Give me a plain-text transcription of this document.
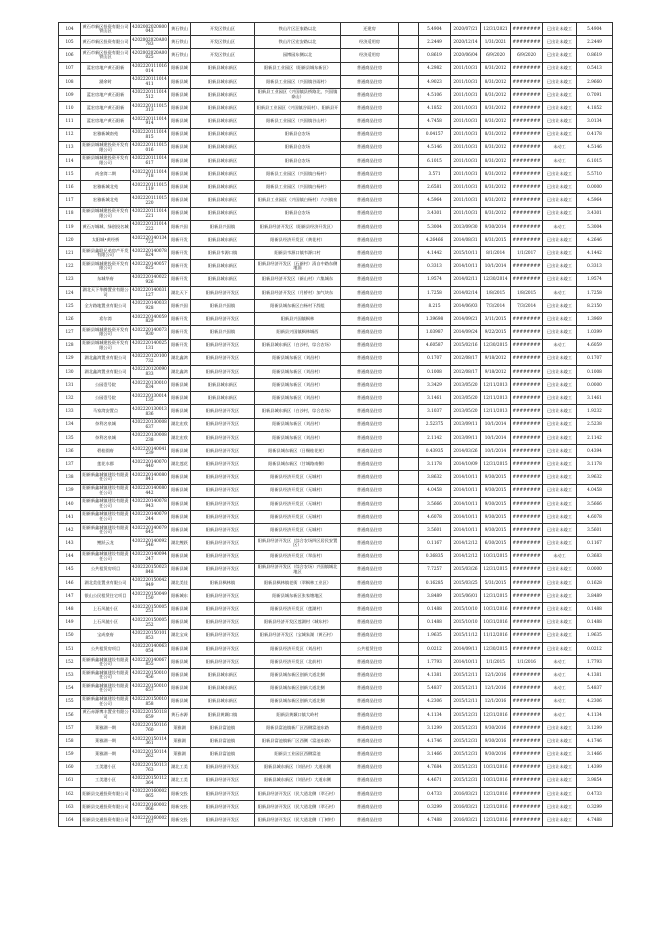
104	黄石市新区投资有限公司铁山区	4202002020800043	黄石铁山	开发区铁山区	铁山片区汪家路以北	还建房		5.4904	2020/07/21	12/31/2021	########	已出让未竣工	5.4904
105	黄石市新区投资有限公司	4202002020A00783	黄石铁山	开发区铁山区	铁山片区宏安路以北	经济适用房		2.2449	2020/12/14	1/31/2021	########	已出让未竣工	2.2449
106	黄石市新区投资有限公司铁山区	4202002020A00025	黄石铁山	开发区铁山区	园博园东侧以北	经济适用房		0.8619	2020/06/04	6/9/2020	6/9/2020	已出让未竣工	0.8619
107	蓝宏房地产黄石阳新	4202220111016014	阳新县城	阳新县城东新区	阳新县工业园区（阳新县城东新区）	普通商品住房		4.2982	2011/10/31	8/31/2012	########	已出让未竣工	0.5413
108	涵余时	4202220111014411	阳新县城	阳新县城东新区	阳新县工业园区（兴国镇谷雨村）	普通商品住房		4.9023	2011/10/31	8/31/2012	########	已出让未竣工	2.9660
109	蓝宏房地产黄石阳新	4202220111014512	阳新县城	阳新县城东新区	阳新县工业园区（兴国镇县桥路北，兴国镇泰山）	普通商品住房		4.5106	2011/10/31	8/31/2012	########	已出让未竣工	0.7091
110	蓝宏房地产黄石阳新	4202220111015313	阳新县城	阳新县城东新区	阳新县工业园区（兴国镇谷雨村）、阳新县开	普通商品住房		4.1852	2011/10/31	8/31/2012	########	已出让未竣工	4.1852
111	蓝宏房地产黄石阳新	4202220111014914	阳新县城	阳新县城东新区	阳新县工业园区（兴国镇谷山村）	普通商品住房		4.7458	2011/10/31	8/31/2012	########	已出让未竣工	3.0134
112	宏雅新城南苑	4202220111014815	阳新县城	阳新县城东新区	阳新县仓农场	普通商品住房		0.04157	2011/10/31	8/31/2012	########	已出让未竣工	0.4178
113	阳新县城城建投资开发有限公司	4202220111015016	阳新县城	阳新县城东新区	阳新县仓农场	普通商品住房		4.5146	2011/10/31	8/31/2012	########	未动工	4.5146
114	阳新县城城建投资开发有限公司	4202220111014617	阳新县城	阳新县城东新区	阳新县仓农场	普通商品住房		6.1015	2011/10/31	8/31/2012	########	未动工	6.1015
115	尚金湾二期	4202220111014718	阳新县城	阳新县城东新区	阳新县工业园区（兴国镇白杨村）	普通商品住房		3.571	2011/10/31	8/31/2012	########	已出让未竣工	5.5710
116	宏雅新城北苑	4202220111015119	阳新县城	阳新县城东新区	阳新县工业园区（兴国镇白杨村）	普通商品住房		2.6581	2011/10/31	8/31/2012	########	已出让未竣工	0.0000
117	宏雅新城北苑	4202220111015220	阳新县城	阳新县城东新区	阳新县工业园区（兴国镇白杨村）六兴镇泉	普通商品住房		4.5964	2011/10/31	8/31/2012	########	已出让未竣工	4.5964
118	阳新县城城建投资开发有限公司	4202220111014221	阳新县城	阳新县城东新区	阳新县仓农场	普通商品住房		3.4301	2011/10/31	8/31/2012	########	已出让未竣工	3.4301
119	黄石万城城、绿创投名城	4202220131014222	阳新兴国	阳新县兴国镇	阳新县经济开发区（阳新县经济开发区）	普通商品住房		5.3004	2013/09/30	9/30/2014	########	未动工	5.3004
120	太阳城•黄经桥	4202220140134723	阳新开发	阳新县城东新区	阳新县经济开发区（黄花村）	普通商品住房		4.26466	2014/08/31	8/31/2015	########	已出让未竣工	4.2646
121	阳新县鑫联兄弟房产开发有限公司	4202220140078624	阳新开发	阳新县韦源口镇	阳新县韦源口镇韦源口村	普通商品住房		4.1442	2015/10/11	8/1/2014	1/1/2017	已出让未竣工	4.1442
122	阳新县城城建投资开发有限公司	4202220140057625	阳新开发	阳新县城东新区	阳新县经济开发区（石新村）清自中路东侧地面	普通商品住房		0.3313	2014/10/11	10/1/2014	########	已出让未竣工	0.3313
123	东城华府	4202220140022926	阳新开发	阳新县城东新区	阳新县经济开发区（新山村）六集城东	普通商品住房		1.9574	2014/02/11	12/30/2014	########	已出让未竣工	1.9574
124	湖北天下华腾置业有限公司	4202220140031127	湖北天下	阳新县经济开发区	阳新县经济开发区（月桥村）加气块东	普通商品住房		1.7258	2014/02/14	1/8/2015	1/8/2015	未动工	1.7258
125	全方路地置业有限公司	4202220140033928	阳新兴国	阳新县兴国镇	阳新县城东新区白杨村下辞组	普通商品住房		8.215	2014/06/03	7/3/2014	7/3/2014	已出让未竣工	8.2150
126	希尔湾	4202220140059829	阳新开发	阳新县经济开发区	阳新县兴国镇枫林	普通商品住房		1.39698	2014/09/21	3/11/2015	########	已出让未竣工	1.3969
127	阳新县城城建投资开发有限公司	4202220140073930	阳新开发	阳新县兴国镇	阳新县兴国镇枫林城西	普通商品住房		1.03987	2014/09/24	9/22/2015	########	已出让未竣工	1.0399
128	阳新县城城建投资开发有限公司	4202220140025131	阳新开发	阳新县经济开发区	阳新县城东新区（白沙村，综合农场）	普通商品住房		4.60587	2015/02/16	12/30/2015	########	未动工	4.6059
129	湖北鑫鸿置业有限公司	4202220120100732	湖北鑫鸿	阳新县经济开发区	阳新县城东新区（刘昌村）	普通商品住房		0.1707	2012/08/17	9/18/2012	########	已出让未竣工	0.1707
130	湖北鑫鸿置业有限公司	4202220120090833	湖北鑫鸿	阳新县经济开发区	阳新县城东新区（刘昌村）	普通商品住房		0.1008	2012/08/17	9/18/2012	########	已出让未竣工	0.1008
131	公园壹号院	4202220130010634	阳新县城	阳新县城东新区	阳新县城东新区（刘昌村）	普通商品住房		3.3429	2013/05/20	12/11/2013	########	已出让未竣工	0.0000
132	公园壹号院	4202220130014135	阳新县城	阳新县城东新区	阳新县城东新区（刘昌村）	普通商品住房		3.1461	2013/05/20	12/11/2013	########	已出让未竣工	3.1461
133	马家湾安置点	4202220130013836	阳新县城	阳新县经济开发区	阳新县城东新区（白沙村，综合农场）	普通商品住房		3.1037	2013/05/20	12/11/2013	########	已出让未竣工	1.9232
134	奈利名泉城	4202220130008637	湖北宏欣	阳新县经济开发区	阳新县城东新区（刘昌村）	普通商品住房		2.52375	2013/09/11	10/1/2014	########	已出让未竣工	2.5238
135	奈利名泉城	4202220130008238	湖北宏欣	阳新县经济开发区	阳新县城东新区（刘昌村）	普通商品住房		2.1142	2013/09/11	10/1/2014	########	已出让未竣工	2.1142
136	碧桂園府	4202220140041239	阳新县城	阳新县经济开发区	阳新县城东新区（日赐桂花苑）	普通商品住房		0.43935	2014/03/26	10/1/2014	########	已出让未竣工	0.4394
137	莲花水郡	4202220140070440	湖北莲花	阳新县经济开发区	阳新县城东新区（甘城路南侧）	普通商品住房		3.1178	2014/10/09	12/31/2015	########	已出让未竣工	3.1178
138	阳新新鑫城镇建设有限责任公司	4202220140080841	阳新县城	阳新县经济开发区	阳新县经济开发区（无城村）	普通商品住房		3.8632	2014/10/11	9/30/2015	########	已出让未竣工	3.9632
139	阳新新鑫城镇建设有限责任公司	4202220140080442	阳新县城	阳新县经济开发区	阳新县经济开发区（无城村）	普通商品住房		4.0458	2014/10/11	9/30/2015	########	已出让未竣工	4.0458
140	阳新新鑫城镇建设有限责任公司	4202220140078943	阳新县城	阳新县经济开发区	阳新县经济开发区（无城村）	普通商品住房		3.5666	2014/10/11	9/30/2015	########	已出让未竣工	3.5666
141	阳新新鑫城镇建设有限责任公司	4202220140079244	阳新县城	阳新县经济开发区	阳新县经济开发区（无城村）	普通商品住房		4.6078	2014/10/11	9/30/2015	########	已出让未竣工	4.6078
142	阳新新鑫城镇建设有限责任公司	4202220140079645	阳新县城	阳新县经济开发区	阳新县经济开发区（无城村）	普通商品住房		3.5601	2014/10/11	9/30/2015	########	已出让未竣工	3.5601
143	鲤跃云龙	4202220140092546	湖北鲤跃	阳新县经济开发区	阳新县经济开发区（综合农场四区居民安置区）	普通商品住房		0.1167	2014/12/12	6/30/2015	########	已出让未竣工	0.1167
144	阳新新鑫城镇建设有限责任公司	4202220140094247	阳新县城	阳新县经济开发区	阳新县经济开发区（翠苗村）	普通商品住房		0.36835	2014/12/12	10/31/2015	########	未动工	0.3683
145	公共租赁房项目	4202220150023848	阳新县城	阳新县经济开发区	阳新县经济开发区（综合农场）兴国镇城北地区	普通商品住房		7.7257	2015/03/26	12/31/2015	########	已出让未竣工	0.0000
146	湖北美佳置业有限公司	4202220150042949	湖北美佳	阳新县枫林镇	阳新县枫林镇老街（翠枫林工业区）	普通商品住房		0.16285	2015/03/25	5/31/2015	########	已出让未竣工	0.1628
147	银山公民租赁住宅项目	4202220150049150	阳新城东	阳新县经济开发区	阳新县城东新区张家塘地区	普通商品住房		3.8489	2015/06/01	12/31/2015	########	已出让未竣工	3.8489
148	上石风驰小区	4202220150005251	阳新县城	阳新县经济开发区	阳新县经济开发区（莲湖村）	普通商品住房		0.1488	2015/10/10	10/31/2016	########	已出让未竣工	0.1488
149	上石风驰小区	4202220150005252	阳新县城	阳新县经济开发区	阳新县经济开发区莲湖村（城东村）	普通商品住房		0.1488	2015/10/10	10/31/2016	########	已出让未竣工	0.1488
150	宝成豪府	4202220150101853	湖北宝成	阳新县经济开发区	阳新县经济开发区（宝城朱湖（黄石村）	普通商品住房		1.9635	2015/11/12	11/12/2016	########	已出让未竣工	1.9635
151	公共租赁房项目	4202220140063054	阳新县城	阳新县经济开发区	阳新县经济开发区（刘昌村）	公共租赁住房		0.0212	2014/09/11	12/30/2015	########	已出让未竣工	0.0212
152	阳新新鑫城镇建设有限责任公司	4202220140067855	阳新县城	阳新县经济开发区	阳新县经济开发区（北前村）	普通商品住房		1.7793	2014/10/11	1/1/2015	1/1/2016	未动工	1.7793
153	阳新新鑫城镇建设有限责任公司	4202220150010456	阳新县城	阳新县城东新区	阳新县城东新区创新大道北侧	普通商品住房		4.1381	2015/12/11	12/1/2016	########	未动工	4.1381
154	阳新新鑫城镇建设有限责任公司	4202220150010657	阳新县城	阳新县城东新区	阳新县城东新区创新大道北侧	普通商品住房		5.4837	2015/12/11	12/1/2016	########	未动工	5.4837
155	阳新新鑫城镇建设有限责任公司	4202220150010858	阳新县城	阳新县城东新区	阳新县城东新区创新大道北侧	普通商品住房		4.2306	2015/12/11	12/1/2016	########	未动工	4.2306
156	黄石赤源博丰置业有限公司	4202220150118659	黄石赤源	阳新县黄颡口镇	阳新县黄颡口镇大岭村	普通商品住房		4.1134	2015/12/31	12/31/2016	########	未动工	4.1134
157	莱雅湖一期	4202220150116760	莱雅湖	阳新县富池镇	阳新县富池镇新厂区西侧富池东路	普通商品住房		3.1299	2015/12/31	9/30/2016	########	已出让未竣工	3.1299
158	莱雅湖一期	4202220150114361	莱雅湖	阳新县富池镇	阳新县富池镇新厂区西侧（富池东路）	普通商品住房		4.1746	2015/12/31	9/30/2016	########	已出让未竣工	4.1746
159	莱雅湖一期	4202220150114262	莱雅湖	阳新县富池镇	阳新县工业园区西侧富池	普通商品住房		3.1466	2015/12/31	9/30/2016	########	已出让未竣工	3.1466
160	工美港小区	4202220150113763	湖北工美	阳新县经济开发区	阳新县城东新区（刘昌村）大道东侧	普通商品住房		4.7684	2015/12/31	10/31/2016	########	已出让未竣工	1.4399
161	工美港小区	4202220150112364	湖北工美	阳新县经济开发区	阳新县城东新区（刘昌村）大道东侧	普通商品住房		4.4671	2015/12/31	10/31/2016	########	已出让未竣工	3.9854
162	阳新县交通投资有限公司	4202220160002065	阳新交投	阳新县经济开发区	阳新县经济开发区（民大道北侧（翠石村）	普通商品住房		0.4733	2016/03/21	12/31/2016	########	已出让未竣工	0.4733
163	阳新县交通投资有限公司	4202220160002066	阳新交投	阳新县经济开发区	阳新县经济开发区（民大道北侧（翠石村）	普通商品住房		0.3299	2016/03/21	12/31/2016	########	已出让未竣工	0.3299
164	阳新县交通投资有限公司	4202220160002167	阳新交投	阳新县经济开发区	阳新县经济开发区（民大道北侧（丁树村）	普通商品住房		4.7488	2016/03/21	12/31/2016	########	已出让未竣工	4.7488
